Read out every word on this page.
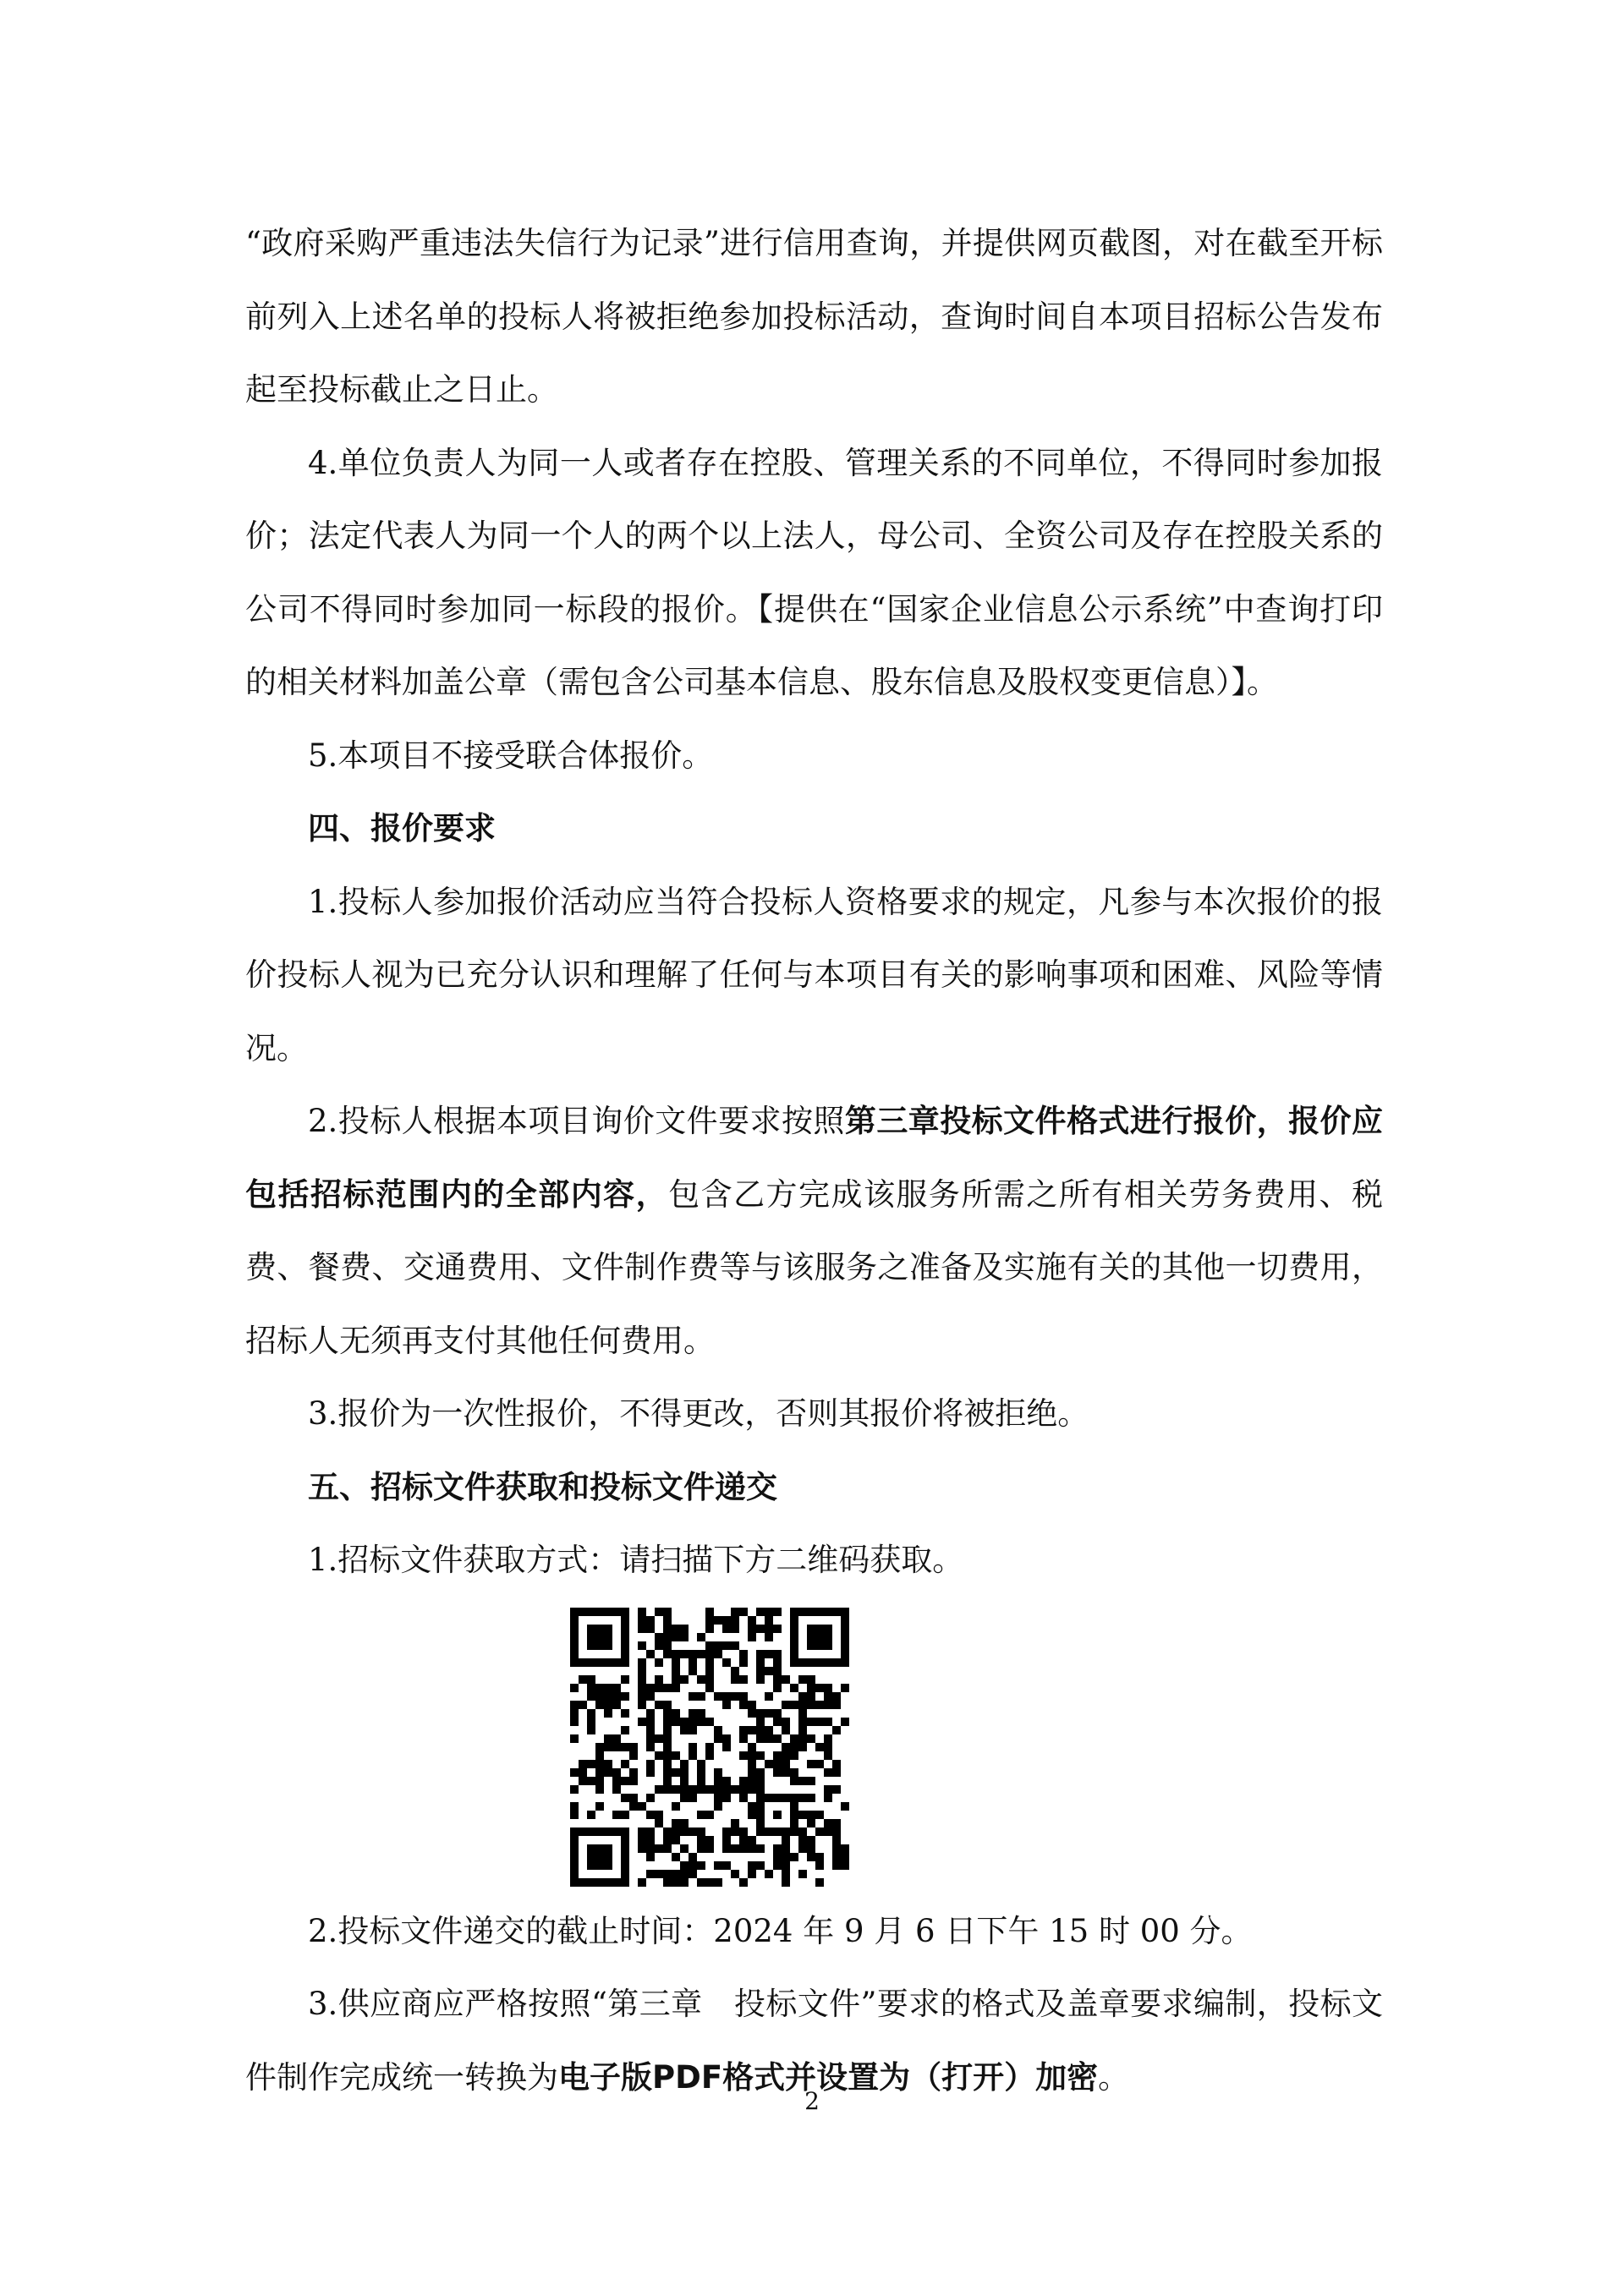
“政府采购严重违法失信行为记录”进行信用查询，并提供网页截图，对在截至开标前列入上述名单的投标人将被拒绝参加投标活动，查询时间自本项目招标公告发布起至投标截止之日止。

4.单位负责人为同一人或者存在控股、管理关系的不同单位，不得同时参加报价；法定代表人为同一个人的两个以上法人，母公司、全资公司及存在控股关系的公司不得同时参加同一标段的报价。【提供在“国家企业信息公示系统”中查询打印的相关材料加盖公章（需包含公司基本信息、股东信息及股权变更信息）】。

5.本项目不接受联合体报价。

四、报价要求

1.投标人参加报价活动应当符合投标人资格要求的规定，凡参与本次报价的报价投标人视为已充分认识和理解了任何与本项目有关的影响事项和困难、风险等情况。

2.投标人根据本项目询价文件要求按照第三章投标文件格式进行报价，报价应包括招标范围内的全部内容，包含乙方完成该服务所需之所有相关劳务费用、税费、餐费、交通费用、文件制作费等与该服务之准备及实施有关的其他一切费用，招标人无须再支付其他任何费用。

3.报价为一次性报价，不得更改，否则其报价将被拒绝。

五、招标文件获取和投标文件递交

1.招标文件获取方式：请扫描下方二维码获取。

2.投标文件递交的截止时间：2024 年 9 月 6 日下午 15 时 00 分。

3.供应商应严格按照“第三章　投标文件”要求的格式及盖章要求编制，投标文件制作完成统一转换为电子版PDF格式并设置为（打开）加密。

2
